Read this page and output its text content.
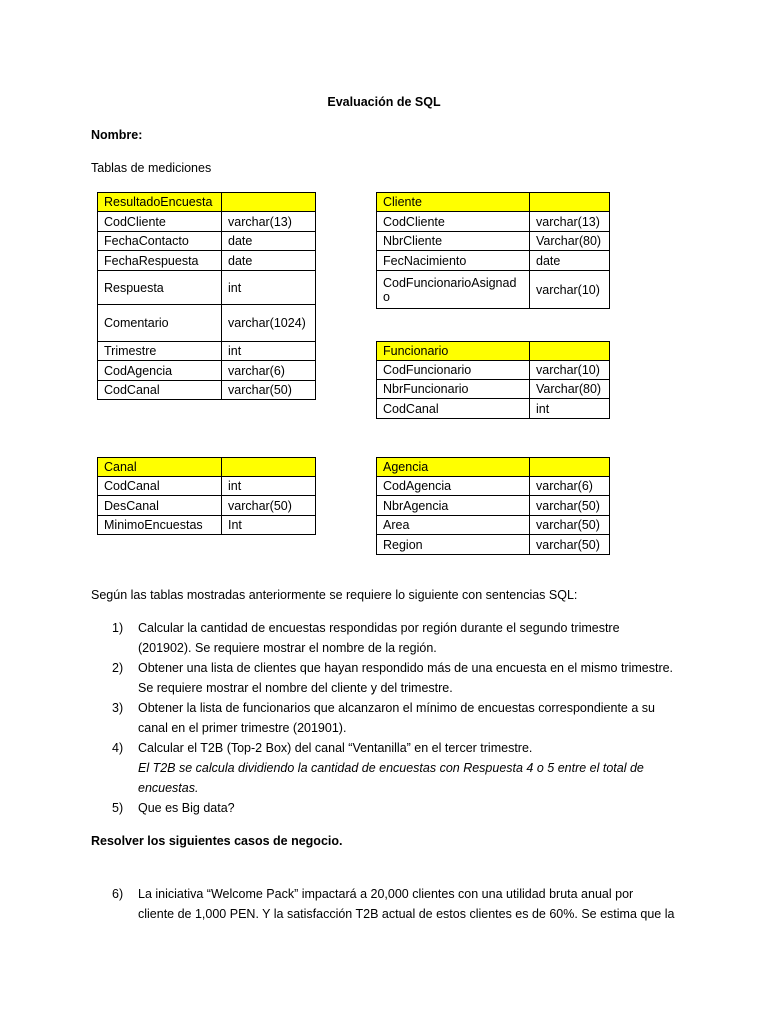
Evaluación de SQL
Nombre:
Tablas de mediciones
ResultadoEncuesta	
CodCliente	varchar(13)
FechaContacto	date
FechaRespuesta	date
Respuesta	int
Comentario	varchar(1024)
Trimestre	int
CodAgencia	varchar(6)
CodCanal	varchar(50)
Cliente	
CodCliente	varchar(13)
NbrCliente	Varchar(80)
FecNacimiento	date
CodFuncionarioAsignado	varchar(10)
Funcionario	
CodFuncionario	varchar(10)
NbrFuncionario	Varchar(80)
CodCanal	int
Canal	
CodCanal	int
DesCanal	varchar(50)
MinimoEncuestas	Int
Agencia	
CodAgencia	varchar(6)
NbrAgencia	varchar(50)
Area	varchar(50)
Region	varchar(50)
Según las tablas mostradas anteriormente se requiere lo siguiente con sentencias SQL:
1)	Calcular la cantidad de encuestas respondidas por región durante el segundo trimestre
(201902). Se requiere mostrar el nombre de la región.
2)	Obtener una lista de clientes que hayan respondido más de una encuesta en el mismo trimestre.
Se requiere mostrar el nombre del cliente y del trimestre.
3)	Obtener la lista de funcionarios que alcanzaron el mínimo de encuestas correspondiente a su
canal en el primer trimestre (201901).
4)	Calcular el T2B (Top-2 Box) del canal “Ventanilla” en el tercer trimestre.
El T2B se calcula dividiendo la cantidad de encuestas con Respuesta 4 o 5 entre el total de
encuestas.
5)	Que es Big data?
Resolver los siguientes casos de negocio.
6)	La iniciativa “Welcome Pack” impactará a 20,000 clientes con una utilidad bruta anual por
cliente de 1,000 PEN. Y la satisfacción T2B actual de estos clientes es de 60%. Se estima que la
